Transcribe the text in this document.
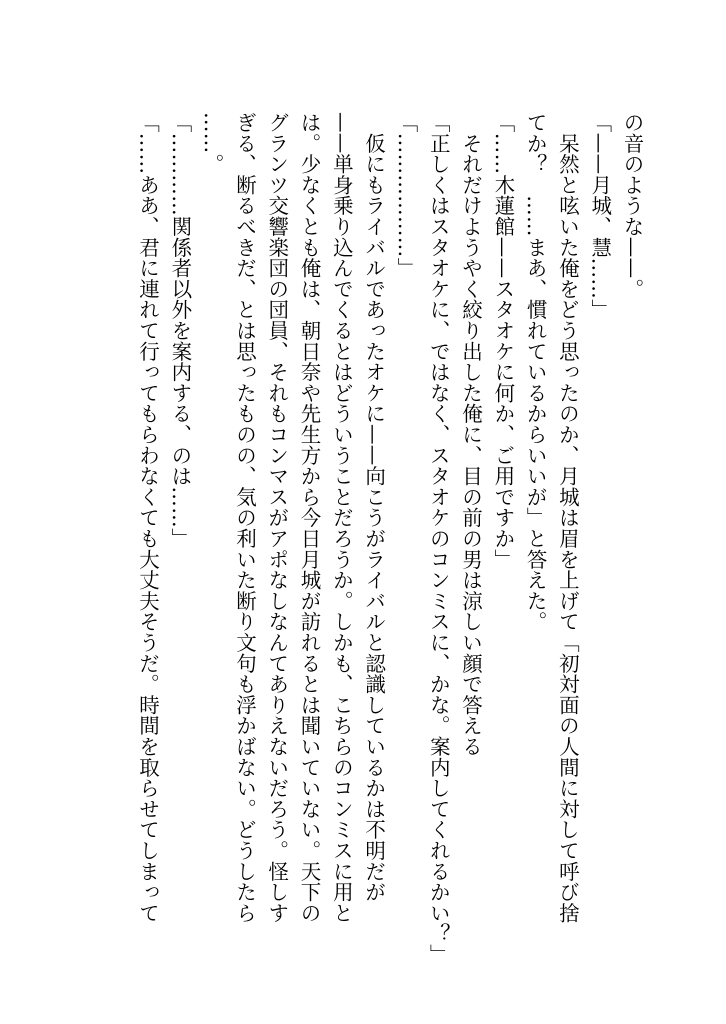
の音のような——。
「——月城、慧……」
　呆然と呟いた俺をどう思ったのか、月城は眉を上げて「初対面の人間に対して呼び捨
てか？　……まあ、慣れているからいいが」と答えた。
「……木蓮館——スタオケに何か、ご用ですか」
　それだけようやく絞り出した俺に、目の前の男は涼しい顔で答える
「正しくはスタオケに、ではなく、スタオケのコンミスに、かな。案内してくれるかい？」
「………………」
　仮にもライバルであったオケに——向こうがライバルと認識しているかは不明だが
——単身乗り込んでくるとはどういうことだろうか。しかも、こちらのコンミスに用と
は。少なくとも俺は、朝日奈や先生方から今日月城が訪れるとは聞いていない。天下の
グランツ交響楽団の団員、それもコンマスがアポなしなんてありえないだろう。怪しす
ぎる、断るべきだ、とは思ったものの、気の利いた断り文句も浮かばない。どうしたら
……。
「…………関係者以外を案内する、のは……」
「……ああ、君に連れて行ってもらわなくても大丈夫そうだ。時間を取らせてしまって
